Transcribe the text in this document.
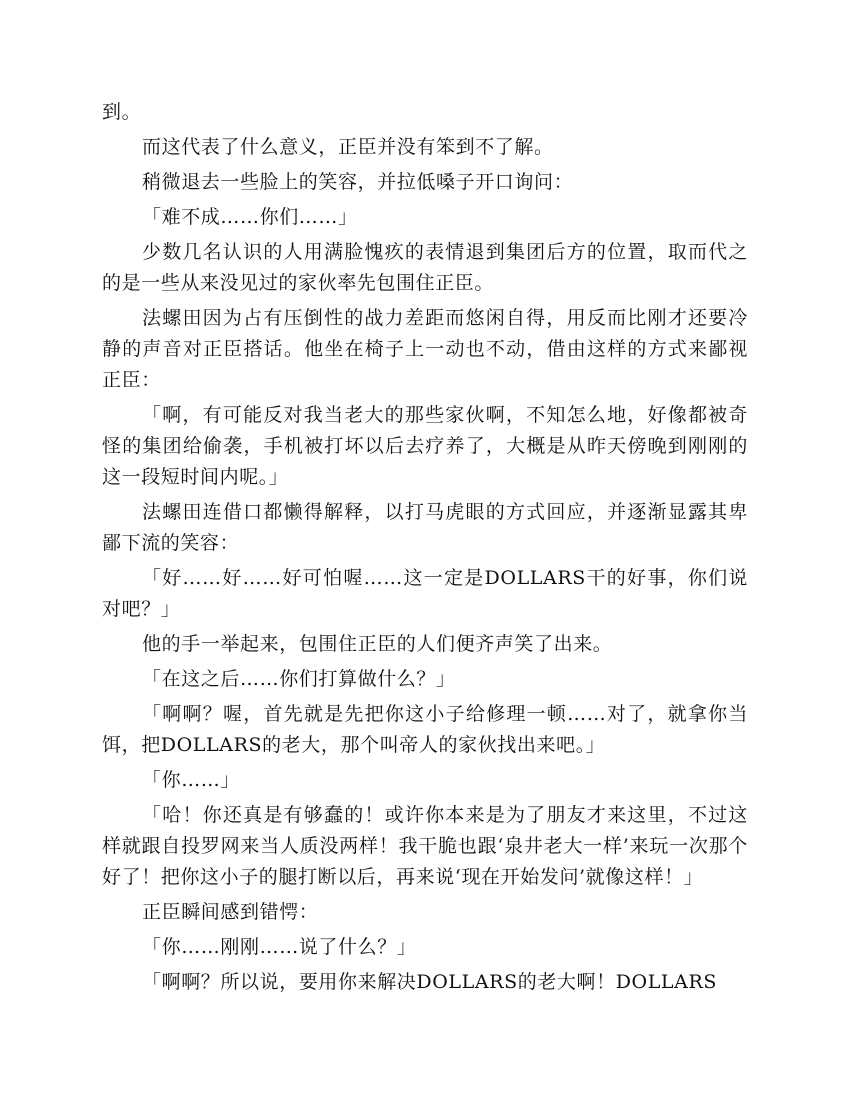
到。

而这代表了什么意义，正臣并没有笨到不了解。

稍微退去一些脸上的笑容，并拉低嗓子开口询问：

「难不成……你们……」

少数几名认识的人用满脸愧疚的表情退到集团后方的位置，取而代之的是一些从来没见过的家伙率先包围住正臣。

法螺田因为占有压倒性的战力差距而悠闲自得，用反而比刚才还要冷静的声音对正臣搭话。他坐在椅子上一动也不动，借由这样的方式来鄙视正臣：

「啊，有可能反对我当老大的那些家伙啊，不知怎么地，好像都被奇怪的集团给偷袭，手机被打坏以后去疗养了，大概是从昨天傍晚到刚刚的这一段短时间内呢。」

法螺田连借口都懒得解释，以打马虎眼的方式回应，并逐渐显露其卑鄙下流的笑容：

「好……好……好可怕喔……这一定是DOLLARS干的好事，你们说对吧？」

他的手一举起来，包围住正臣的人们便齐声笑了出来。

「在这之后……你们打算做什么？」

「啊啊？喔，首先就是先把你这小子给修理一顿……对了，就拿你当饵，把DOLLARS的老大，那个叫帝人的家伙找出来吧。」

「你……」

「哈！你还真是有够蠢的！或许你本来是为了朋友才来这里，不过这样就跟自投罗网来当人质没两样！我干脆也跟‘泉井老大一样’来玩一次那个好了！把你这小子的腿打断以后，再来说‘现在开始发问’就像这样！」

正臣瞬间感到错愕：

「你……刚刚……说了什么？」

「啊啊？所以说，要用你来解决DOLLARS的老大啊！DOLLARS
